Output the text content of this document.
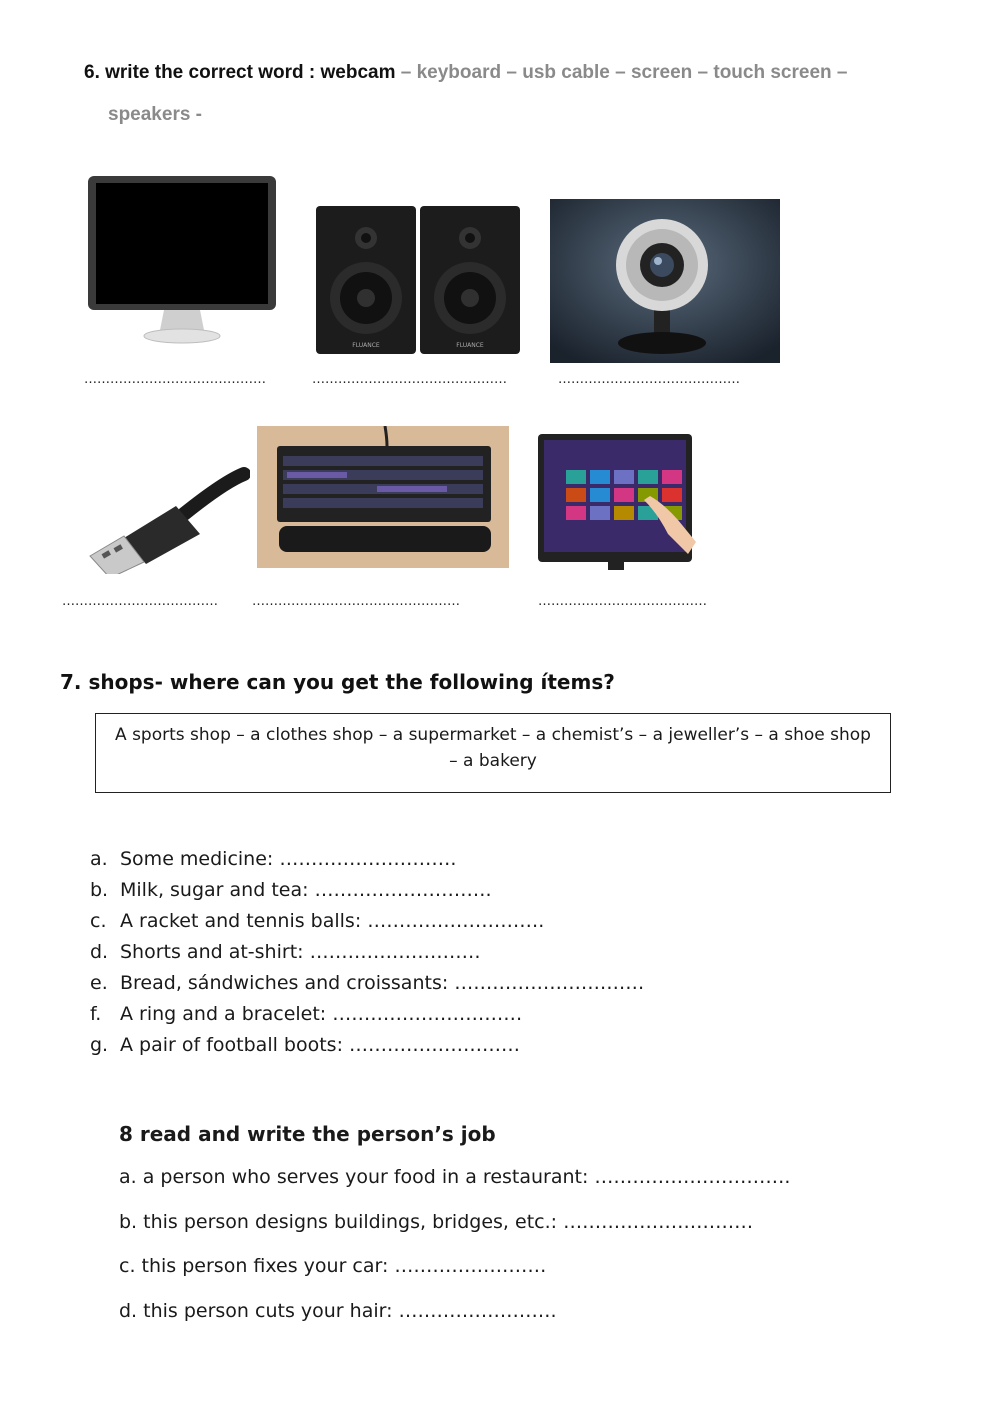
6. write the correct word : webcam – keyboard – usb cable – screen – touch screen –
speakers -
FLUANCE	FLUANCE
……………………………………	………………………………………	……………………………………
………………………………	…………………………………………	…………………………………
7. shops- where can you get the following ítems?
A sports shop – a clothes shop – a supermarket – a chemist’s – a jeweller’s – a shoe shop – a bakery
a. Some medicine: ……………………….
b. Milk, sugar and tea: ……………………….
c. A racket and tennis balls: ……………………….
d. Shorts and at-shirt: ………………………
e. Bread, sándwiches and croissants: …………………………
f. A ring and a bracelet: …………………………
g. A pair of football boots: ………………………
8 read and write the person’s job
a. a person who serves your food in a restaurant: ………………………….
b. this person designs buildings, bridges, etc.: …………………………
c. this person fixes your car: ……………………
d. this person cuts your hair: …………………….
